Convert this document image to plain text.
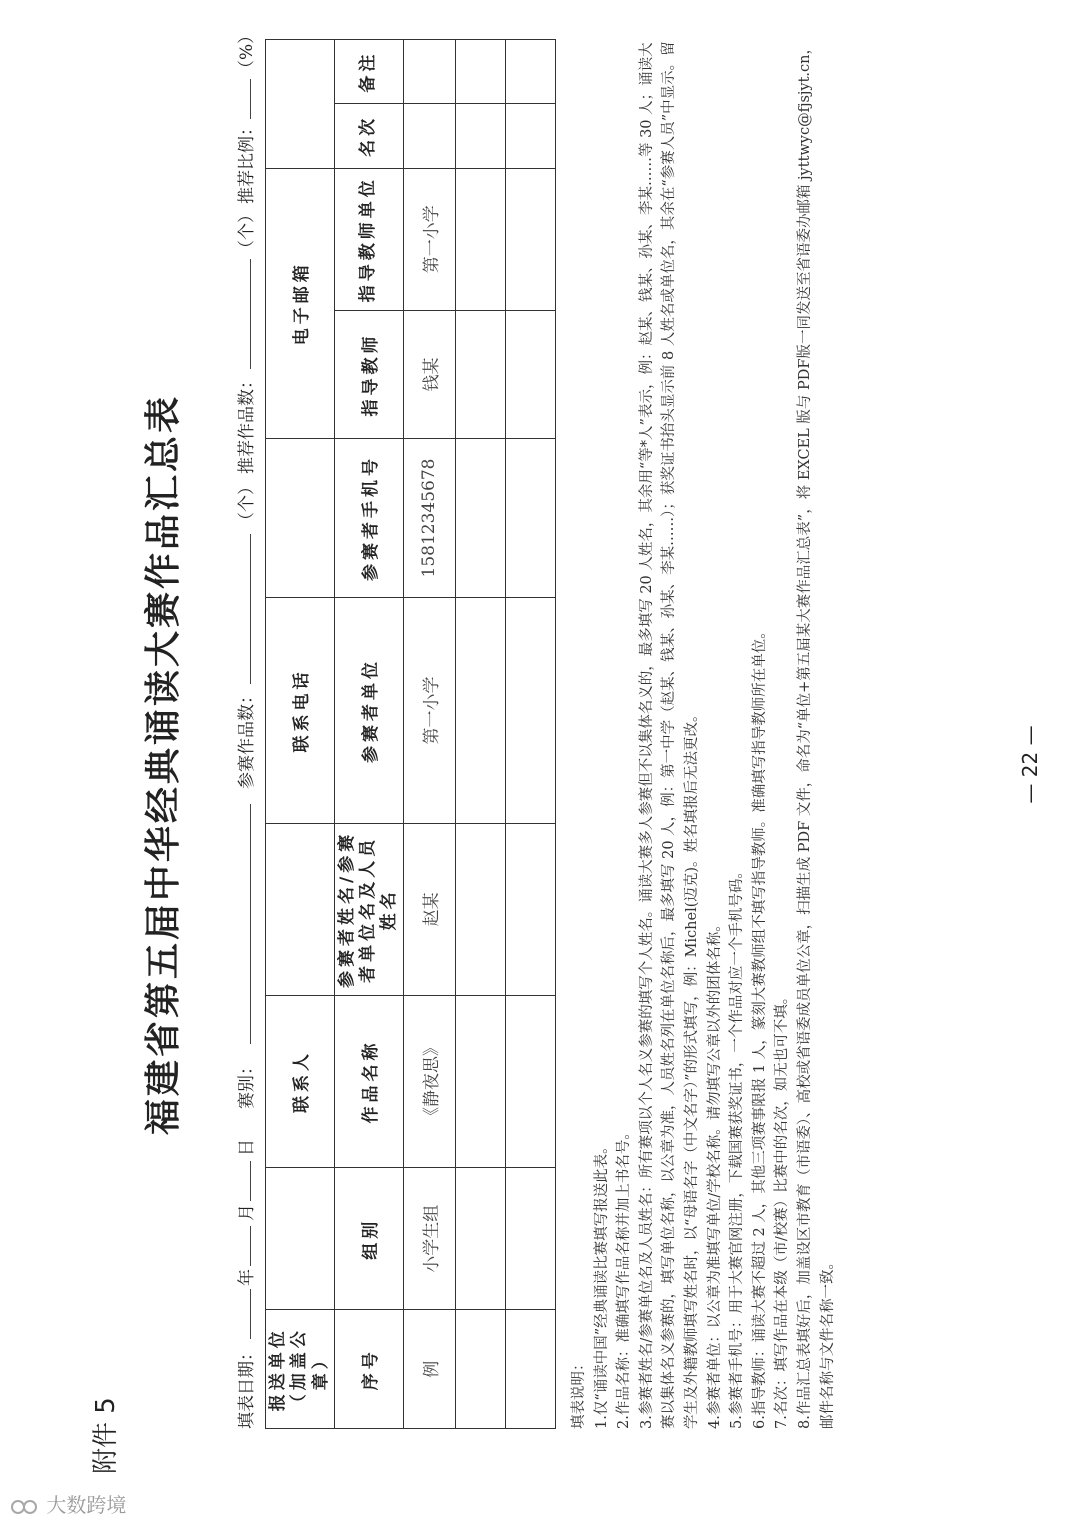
附件 5
福建省第五届中华经典诵读大赛作品汇总表
填表日期：
年
月
日
赛别：
参赛作品数：
（个）
推荐作品数：
（个）
推荐比例：
（%）
报送单位（加盖公章）		联系人		联系电话		电子邮箱			
序号	组别	作品名称	参赛者姓名/参赛者单位名及人员姓名	参赛者单位	参赛者手机号	指导教师	指导教师单位	名次	备注
例	小学生组	《静夜思》	赵某	第一小学	15812345678	钱某	第一小学		

填表说明： 1.仅“诵读中国”经典诵读比赛填写报送此表。 2.作品名称：准确填写作品名称并加上书名号。 3.参赛者姓名/参赛单位名及人员姓名：所有赛项以个人名义参赛的填写个人姓名。诵读大赛多人参赛但不以集体名义的，最多填写 20 人姓名，其余用“等*人”表示，例：赵某、钱某、孙某、李某……等 30 人；诵读大赛以集体名义参赛的，填写单位名称，以公章为准，人员姓名列在单位名称后，最多填写 20 人，例：第一中学（赵某、钱某、孙某、李某……）；获奖证书抬头显示前 8 人姓名或单位名，其余在“参赛人员”中显示。留学生及外籍教师填写姓名时，以“母语名字（中文名字）”的形式填写，例：Michel(迈克)。姓名填报后无法更改。 4.参赛者单位：以公章为准填写单位/学校名称。请勿填写公章以外的团体名称。 5.参赛者手机号：用于大赛官网注册，下载国赛获奖证书，一个作品对应一个手机号码。 6.指导教师：诵读大赛不超过 2 人，其他三项赛事限报 1 人，篆刻大赛教师组不填写指导教师。准确填写指导教师所在单位。 7.名次：填写作品在本级（市/校赛）比赛中的名次，如无也可不填。 8.作品汇总表填好后，加盖设区市教育（市语委）、高校或省语委成员单位公章，扫描生成 PDF 文件，命名为“单位+第五届某大赛作品汇总表”，将 EXCEL 版与 PDF版一同发送至省语委办邮箱 jyttwyc@fjsjyt.cn，邮件名称与文件名称一致。
— 22 —
大数跨境
